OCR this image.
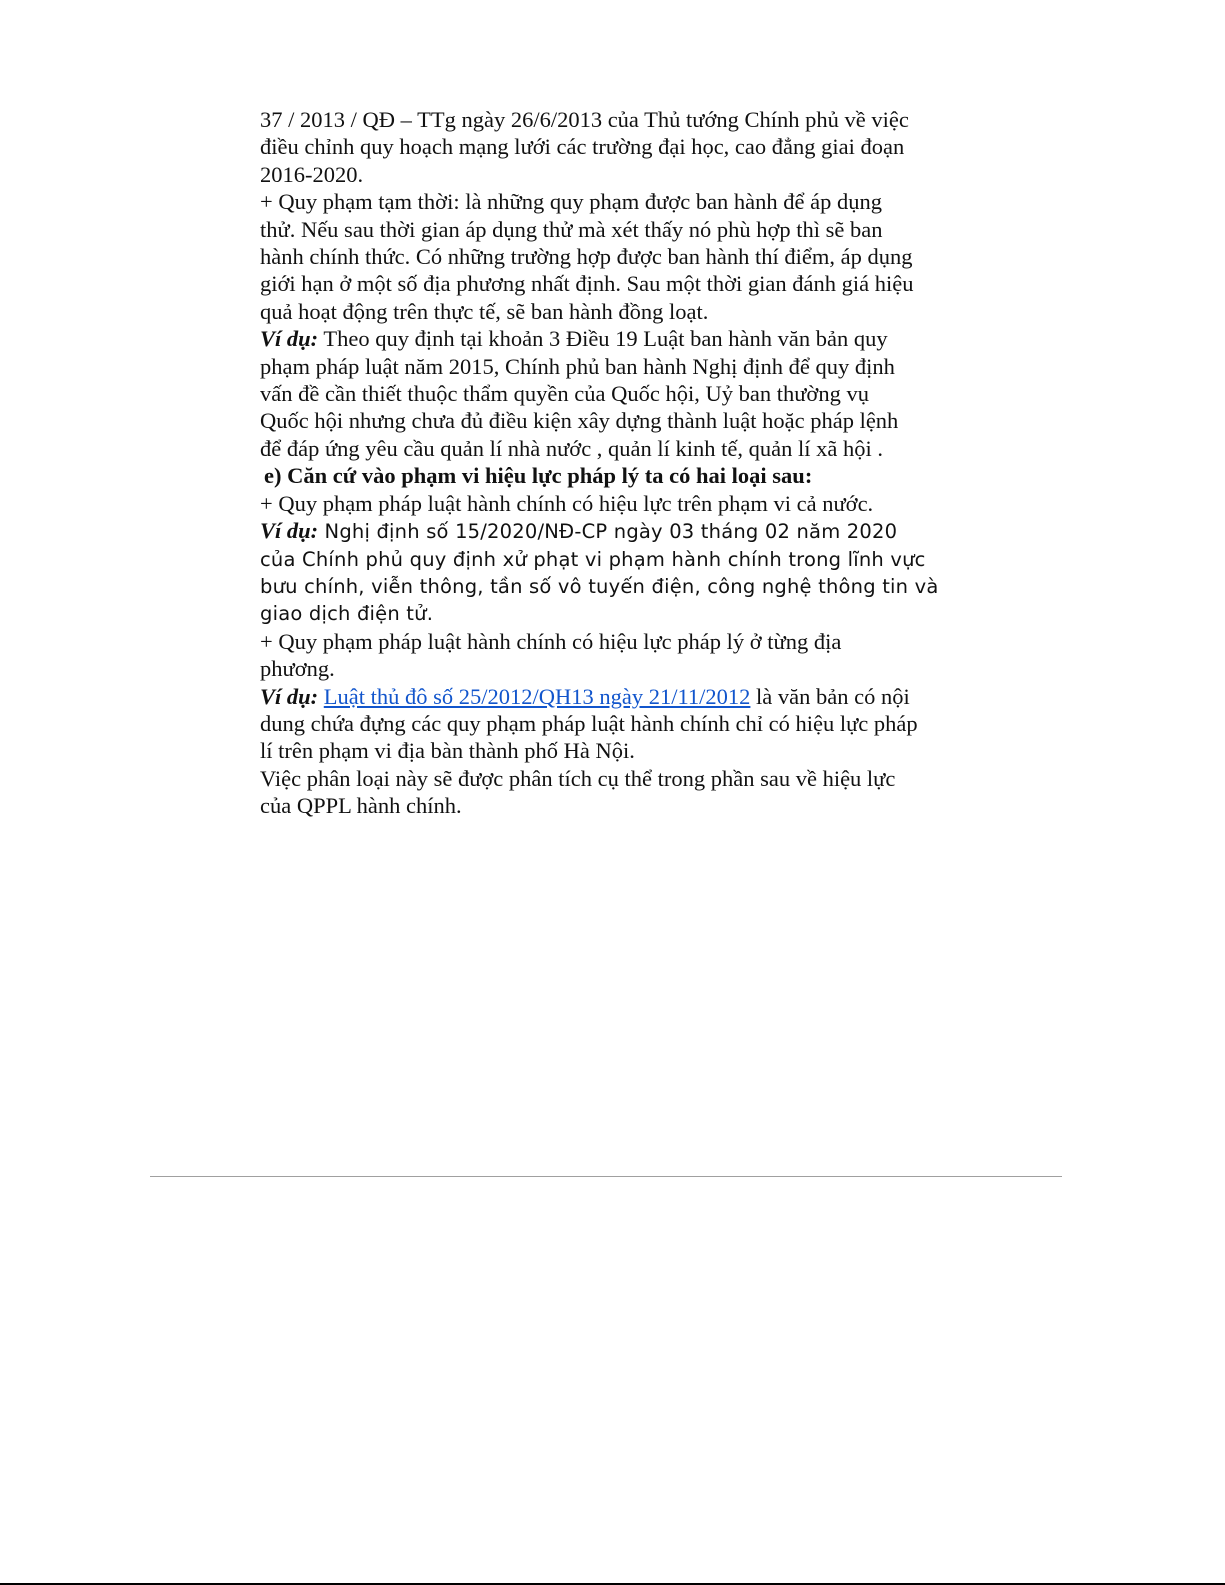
37 / 2013 / QĐ – TTg ngày 26/6/2013 của Thủ tướng Chính phủ về việc
điều chỉnh quy hoạch mạng lưới các trường đại học, cao đẳng giai đoạn
2016-2020.
+ Quy phạm tạm thời: là những quy phạm được ban hành để áp dụng
thử. Nếu sau thời gian áp dụng thử mà xét thấy nó phù hợp thì sẽ ban
hành chính thức. Có những trường hợp được ban hành thí điểm, áp dụng
giới hạn ở một số địa phương nhất định. Sau một thời gian đánh giá hiệu
quả hoạt động trên thực tế, sẽ ban hành đồng loạt.
Ví dụ: Theo quy định tại khoản 3 Điều 19 Luật ban hành văn bản quy
phạm pháp luật năm 2015, Chính phủ ban hành Nghị định để quy định
vấn đề cần thiết thuộc thẩm quyền của Quốc hội, Uỷ ban thường vụ
Quốc hội nhưng chưa đủ điều kiện xây dựng thành luật hoặc pháp lệnh
để đáp ứng yêu cầu quản lí nhà nước , quản lí kinh tế, quản lí xã hội .
e) Căn cứ vào phạm vi hiệu lực pháp lý ta có hai loại sau:
+ Quy phạm pháp luật hành chính có hiệu lực trên phạm vi cả nước.
Ví dụ: Nghị định số 15/2020/NĐ-CP ngày 03 tháng 02 năm 2020
của Chính phủ quy định xử phạt vi phạm hành chính trong lĩnh vực
bưu chính, viễn thông, tần số vô tuyến điện, công nghệ thông tin và
giao dịch điện tử.
+ Quy phạm pháp luật hành chính có hiệu lực pháp lý ở từng địa
phương.
Ví dụ: Luật thủ đô số 25/2012/QH13 ngày 21/11/2012 là văn bản có nội
dung chứa đựng các quy phạm pháp luật hành chính chỉ có hiệu lực pháp
lí trên phạm vi địa bàn thành phố Hà Nội.
Việc phân loại này sẽ được phân tích cụ thể trong phần sau về hiệu lực
của QPPL hành chính.
